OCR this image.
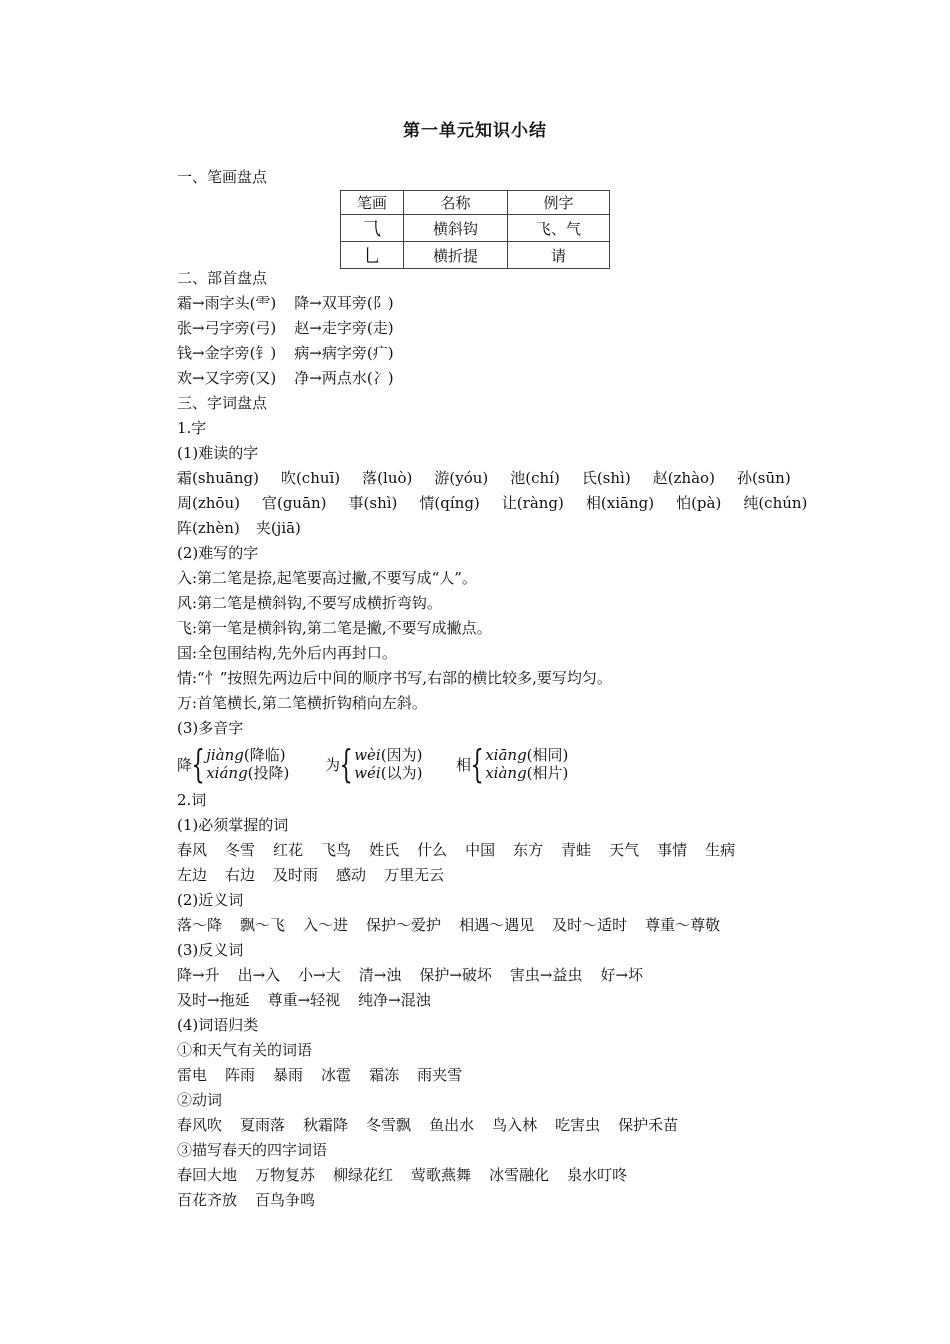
第一单元知识小结
一、笔画盘点
笔画	名称	例字
⺄	横斜钩	飞、气
⺃	横折提	请
二、部首盘点
霜→雨字头(⻗) 降→双耳旁(阝)
张→弓字旁(弓) 赵→走字旁(走)
钱→金字旁(钅) 病→病字旁(疒)
欢→又字旁(又) 净→两点水(冫)
三、字词盘点
1.字
(1)难读的字
霜(shuāng) 吹(chuī) 落(luò) 游(yóu) 池(chí) 氏(shì) 赵(zhào) 孙(sūn)
周(zhōu) 官(guān) 事(shì) 情(qíng) 让(ràng) 相(xiāng) 怕(pà) 纯(chún)
阵(zhèn) 夹(jiā)
(2)难写的字
入:第二笔是捺,起笔要高过撇,不要写成“人”。
风:第二笔是横斜钩,不要写成横折弯钩。
飞:第一笔是横斜钩,第二笔是撇,不要写成撇点。
国:全包围结构,先外后内再封口。
情:“忄”按照先两边后中间的顺序书写,右部的横比较多,要写均匀。
万:首笔横长,第二笔横折钩稍向左斜。
(3)多音字
降 { jiàng(降临)
xiáng(投降) 为 { wèi(因为)
wéi(以为) 相 { xiāng(相同)
xiàng(相片)
2.词
(1)必须掌握的词
春风 冬雪 红花 飞鸟 姓氏 什么 中国 东方 青蛙 天气 事情 生病
左边 右边 及时雨 感动 万里无云
(2)近义词
落～降 飘～飞 入～进 保护～爱护 相遇～遇见 及时～适时 尊重～尊敬
(3)反义词
降→升 出→入 小→大 清→浊 保护→破坏 害虫→益虫 好→坏
及时→拖延 尊重→轻视 纯净→混浊
(4)词语归类
①和天气有关的词语
雷电 阵雨 暴雨 冰雹 霜冻 雨夹雪
②动词
春风吹 夏雨落 秋霜降 冬雪飘 鱼出水 鸟入林 吃害虫 保护禾苗
③描写春天的四字词语
春回大地 万物复苏 柳绿花红 莺歌燕舞 冰雪融化 泉水叮咚
百花齐放 百鸟争鸣
